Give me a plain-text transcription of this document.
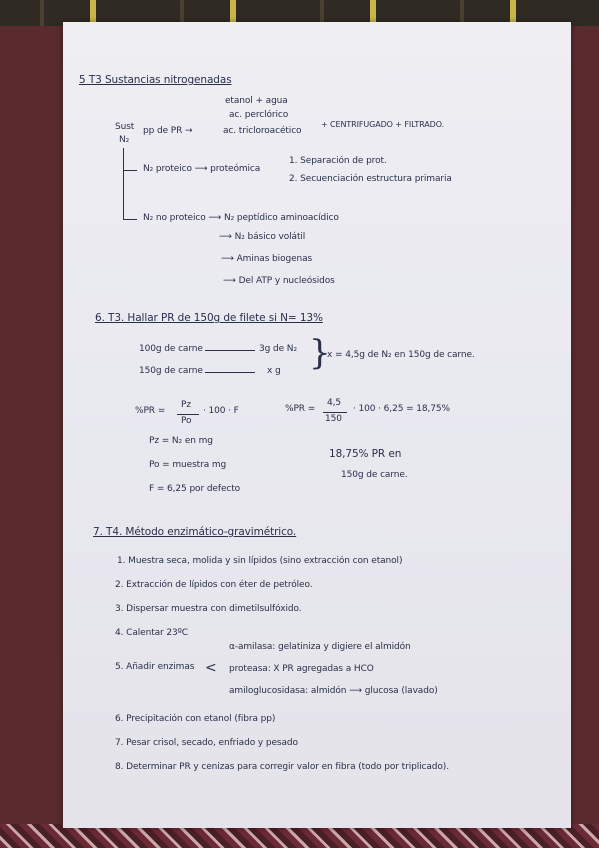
5 T3 Sustancias nitrogenadas
etanol + agua
ac. perclórico
Sust
N₂
pp de PR →	ac. tricloroacético
+ CENTRIFUGADO + FILTRADO.
N₂ proteico ⟶ proteómica
1. Separación de prot.
2. Secuenciación estructura primaria
N₂ no proteico ⟶ N₂ peptídico aminoacídico
⟶ N₂ básico volátil
⟶ Aminas biogenas
⟶ Del ATP y nucleósidos
6. T3. Hallar PR de 150g de filete si N= 13%
100g de carne	3g de N₂
150g de carne	x g }
x = 4,5g de N₂ en 150g de carne.
%PR =
Pz
Po
· 100 · F	%PR =
4,5
150
· 100 · 6,25 = 18,75%
Pz = N₂ en mg
Po = muestra mg
F = 6,25 por defecto
18,75% PR en
150g de carne.
7. T4. Método enzimático-gravimétrico.
1. Muestra seca, molida y sin lípidos (sino extracción con etanol)
2. Extracción de lípidos con éter de petróleo.
3. Dispersar muestra con dimetilsulfóxido.
4. Calentar 23ºC
5. Añadir enzimas <
α-amilasa: gelatiniza y digiere el almidón
proteasa: X PR agregadas a HCO
amiloglucosidasa: almidón ⟶ glucosa (lavado)
6. Precipitación con etanol (fibra pp)
7. Pesar crisol, secado, enfriado y pesado
8. Determinar PR y cenizas para corregir valor en fibra (todo por triplicado).
